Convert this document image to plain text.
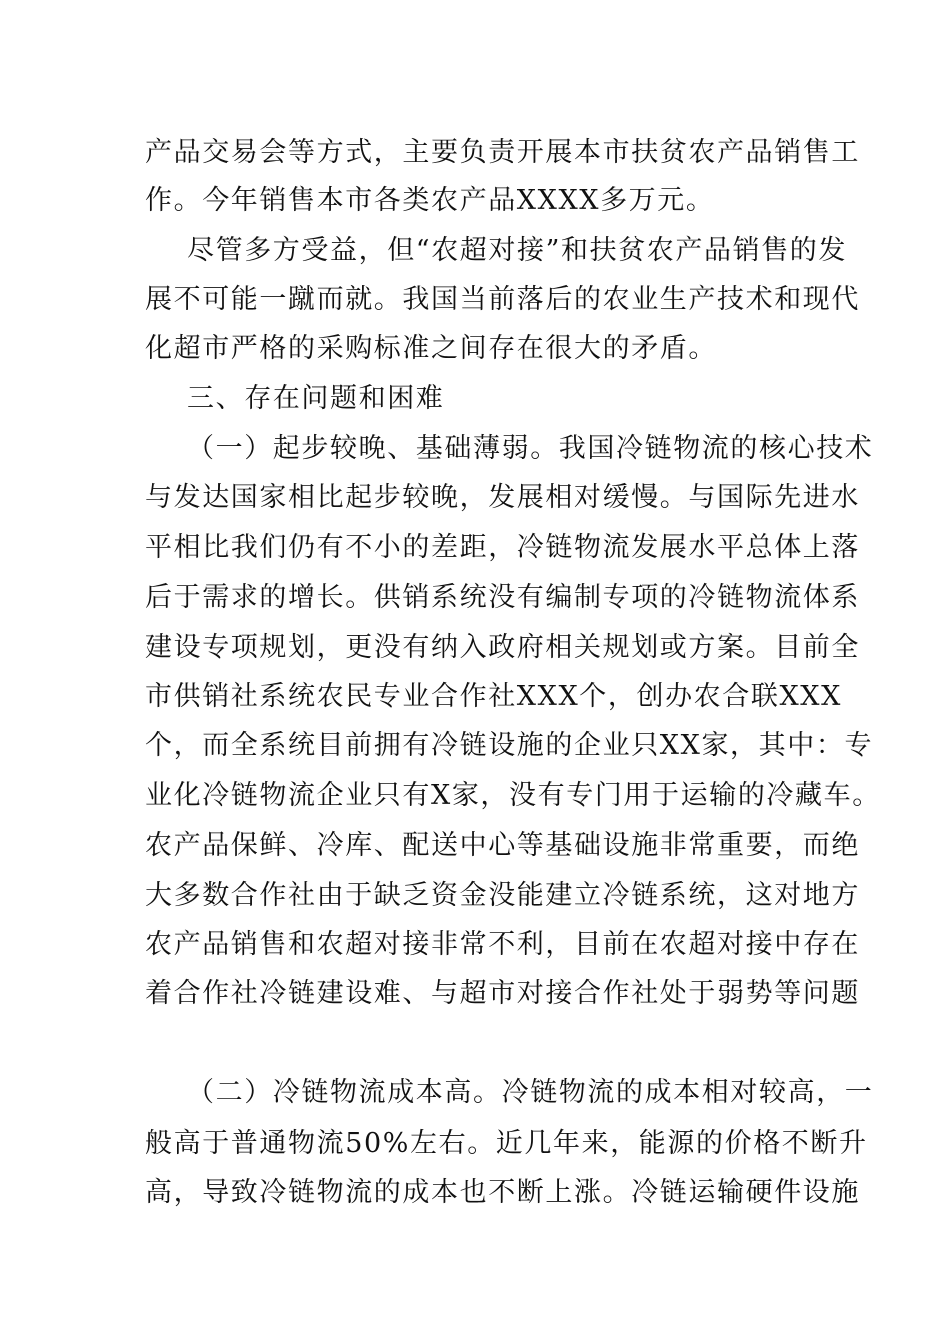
产品交易会等方式，主要负责开展本市扶贫农产品销售工
作。今年销售本市各类农产品XXXX多万元。
尽管多方受益，但“农超对接”和扶贫农产品销售的发
展不可能一蹴而就。我国当前落后的农业生产技术和现代
化超市严格的采购标准之间存在很大的矛盾。
三、存在问题和困难
（一）起步较晚、基础薄弱。我国冷链物流的核心技术
与发达国家相比起步较晚，发展相对缓慢。与国际先进水
平相比我们仍有不小的差距，冷链物流发展水平总体上落
后于需求的增长。供销系统没有编制专项的冷链物流体系
建设专项规划，更没有纳入政府相关规划或方案。目前全
市供销社系统农民专业合作社XXX个，创办农合联XXX
个，而全系统目前拥有冷链设施的企业只XX家，其中：专
业化冷链物流企业只有X家，没有专门用于运输的冷藏车。
农产品保鲜、冷库、配送中心等基础设施非常重要，而绝
大多数合作社由于缺乏资金没能建立冷链系统，这对地方
农产品销售和农超对接非常不利，目前在农超对接中存在
着合作社冷链建设难、与超市对接合作社处于弱势等问题
（二）冷链物流成本高。冷链物流的成本相对较高，一
般高于普通物流50%左右。近几年来，能源的价格不断升
高，导致冷链物流的成本也不断上涨。冷链运输硬件设施
